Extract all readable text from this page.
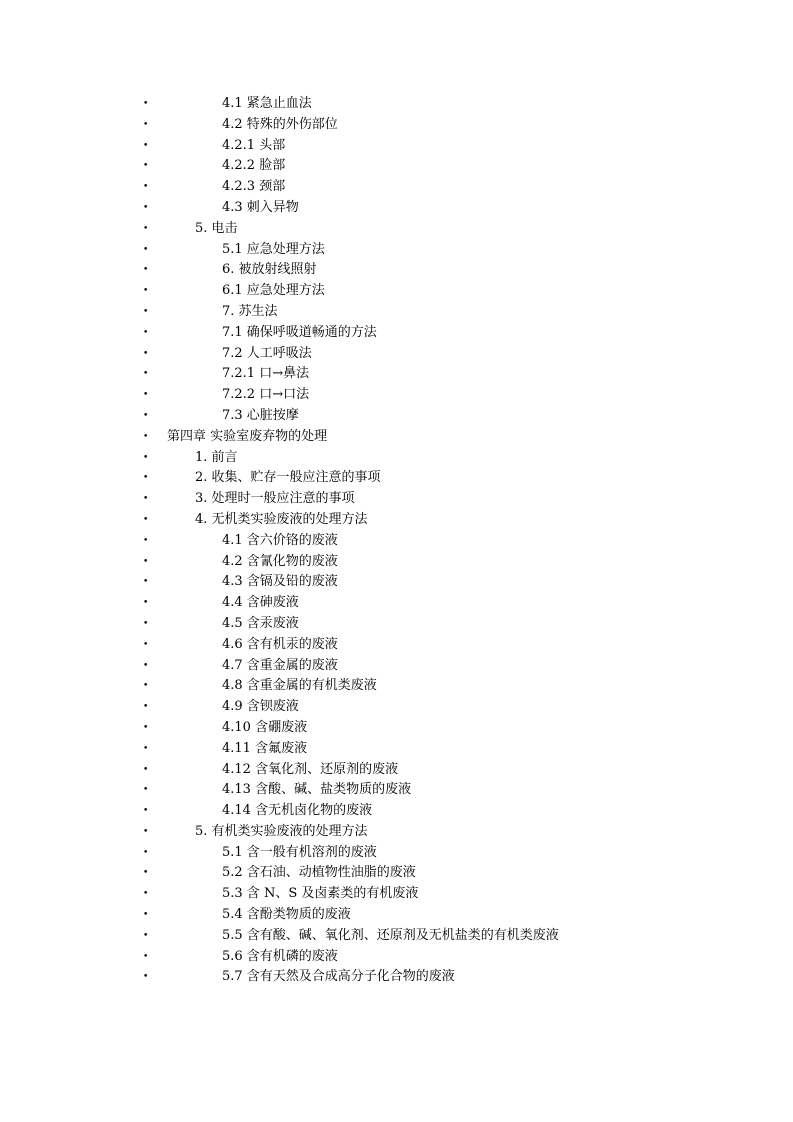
•	4.1 紧急止血法
•	4.2 特殊的外伤部位
•	4.2.1 头部
•	4.2.2 脸部
•	4.2.3 颈部
•	4.3 刺入异物
•	5. 电击
•	5.1 应急处理方法
•	6. 被放射线照射
•	6.1 应急处理方法
•	7. 苏生法
•	7.1 确保呼吸道畅通的方法
•	7.2 人工呼吸法
•	7.2.1 口→鼻法
•	7.2.2 口→口法
•	7.3 心脏按摩
• 第四章 实验室废弃物的处理
•	1. 前言
•	2. 收集、贮存一般应注意的事项
•	3. 处理时一般应注意的事项
•	4. 无机类实验废液的处理方法
•	4.1 含六价铬的废液
•	4.2 含氰化物的废液
•	4.3 含镉及铅的废液
•	4.4 含砷废液
•	4.5 含汞废液
•	4.6 含有机汞的废液
•	4.7 含重金属的废液
•	4.8 含重金属的有机类废液
•	4.9 含钡废液
•	4.10 含硼废液
•	4.11 含氟废液
•	4.12 含氧化剂、还原剂的废液
•	4.13 含酸、碱、盐类物质的废液
•	4.14 含无机卤化物的废液
•	5. 有机类实验废液的处理方法
•	5.1 含一般有机溶剂的废液
•	5.2 含石油、动植物性油脂的废液
•	5.3 含 N、S 及卤素类的有机废液
•	5.4 含酚类物质的废液
•	5.5 含有酸、碱、氧化剂、还原剂及无机盐类的有机类废液
•	5.6 含有机磷的废液
•	5.7 含有天然及合成高分子化合物的废液
